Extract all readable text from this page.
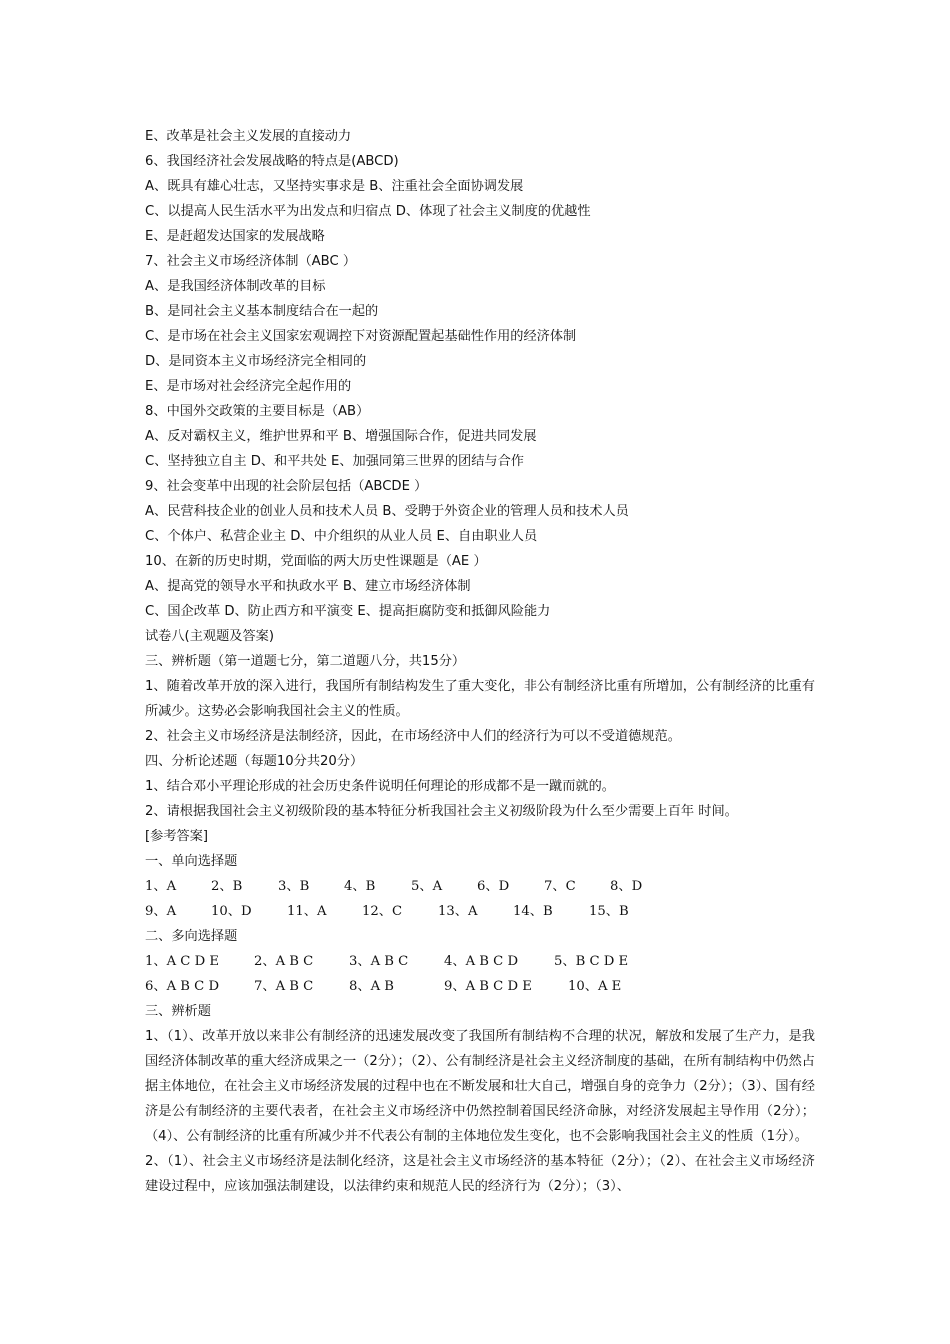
E、改革是社会主义发展的直接动力
6、我国经济社会发展战略的特点是(ABCD)
A、既具有雄心壮志，又坚持实事求是 B、注重社会全面协调发展
C、以提高人民生活水平为出发点和归宿点 D、体现了社会主义制度的优越性
E、是赶超发达国家的发展战略
7、社会主义市场经济体制（ABC ）
A、是我国经济体制改革的目标
B、是同社会主义基本制度结合在一起的
C、是市场在社会主义国家宏观调控下对资源配置起基础性作用的经济体制
D、是同资本主义市场经济完全相同的
E、是市场对社会经济完全起作用的
8、中国外交政策的主要目标是（AB）
A、反对霸权主义，维护世界和平 B、增强国际合作，促进共同发展
C、坚持独立自主 D、和平共处 E、加强同第三世界的团结与合作
9、社会变革中出现的社会阶层包括（ABCDE ）
A、民营科技企业的创业人员和技术人员 B、受聘于外资企业的管理人员和技术人员
C、个体户、私营企业主 D、中介组织的从业人员 E、自由职业人员
10、在新的历史时期，党面临的两大历史性课题是（AE ）
A、提高党的领导水平和执政水平 B、建立市场经济体制
C、国企改革 D、防止西方和平演变 E、提高拒腐防变和抵御风险能力
试卷八(主观题及答案)
三、辨析题（第一道题七分，第二道题八分，共15分）
1、随着改革开放的深入进行，我国所有制结构发生了重大变化，非公有制经济比重有所增加，公有制经济的比重有所减少。这势必会影响我国社会主义的性质。
2、社会主义市场经济是法制经济，因此，在市场经济中人们的经济行为可以不受道德规范。
四、分析论述题（每题10分共20分）
1、结合邓小平理论形成的社会历史条件说明任何理论的形成都不是一蹴而就的。
2、请根据我国社会主义初级阶段的基本特征分析我国社会主义初级阶段为什么至少需要上百年 时间。
[参考答案]
一、单向选择题
1、A	2、B	3、B	4、B	5、A	6、D	7、C	8、D
9、A	10、D	11、A	12、C	13、A	14、B	15、B
二、多向选择题
1、A C D E	2、A B C	3、A B C	4、A B C D	5、B C D E
6、A B C D	7、A B C	8、A B	9、A B C D E	10、A E
三、辨析题
1、（1）、改革开放以来非公有制经济的迅速发展改变了我国所有制结构不合理的状况，解放和发展了生产力，是我国经济体制改革的重大经济成果之一（2分）；（2）、公有制经济是社会主义经济制度的基础，在所有制结构中仍然占据主体地位，在社会主义市场经济发展的过程中也在不断发展和壮大自己，增强自身的竞争力（2分）；（3）、国有经济是公有制经济的主要代表者，在社会主义市场经济中仍然控制着国民经济命脉，对经济发展起主导作用（2分）；（4）、公有制经济的比重有所减少并不代表公有制的主体地位发生变化，也不会影响我国社会主义的性质（1分）。
2、（1）、社会主义市场经济是法制化经济，这是社会主义市场经济的基本特征（2分）；（2）、在社会主义市场经济建设过程中，应该加强法制建设，以法律约束和规范人民的经济行为（2分）；（3）、
